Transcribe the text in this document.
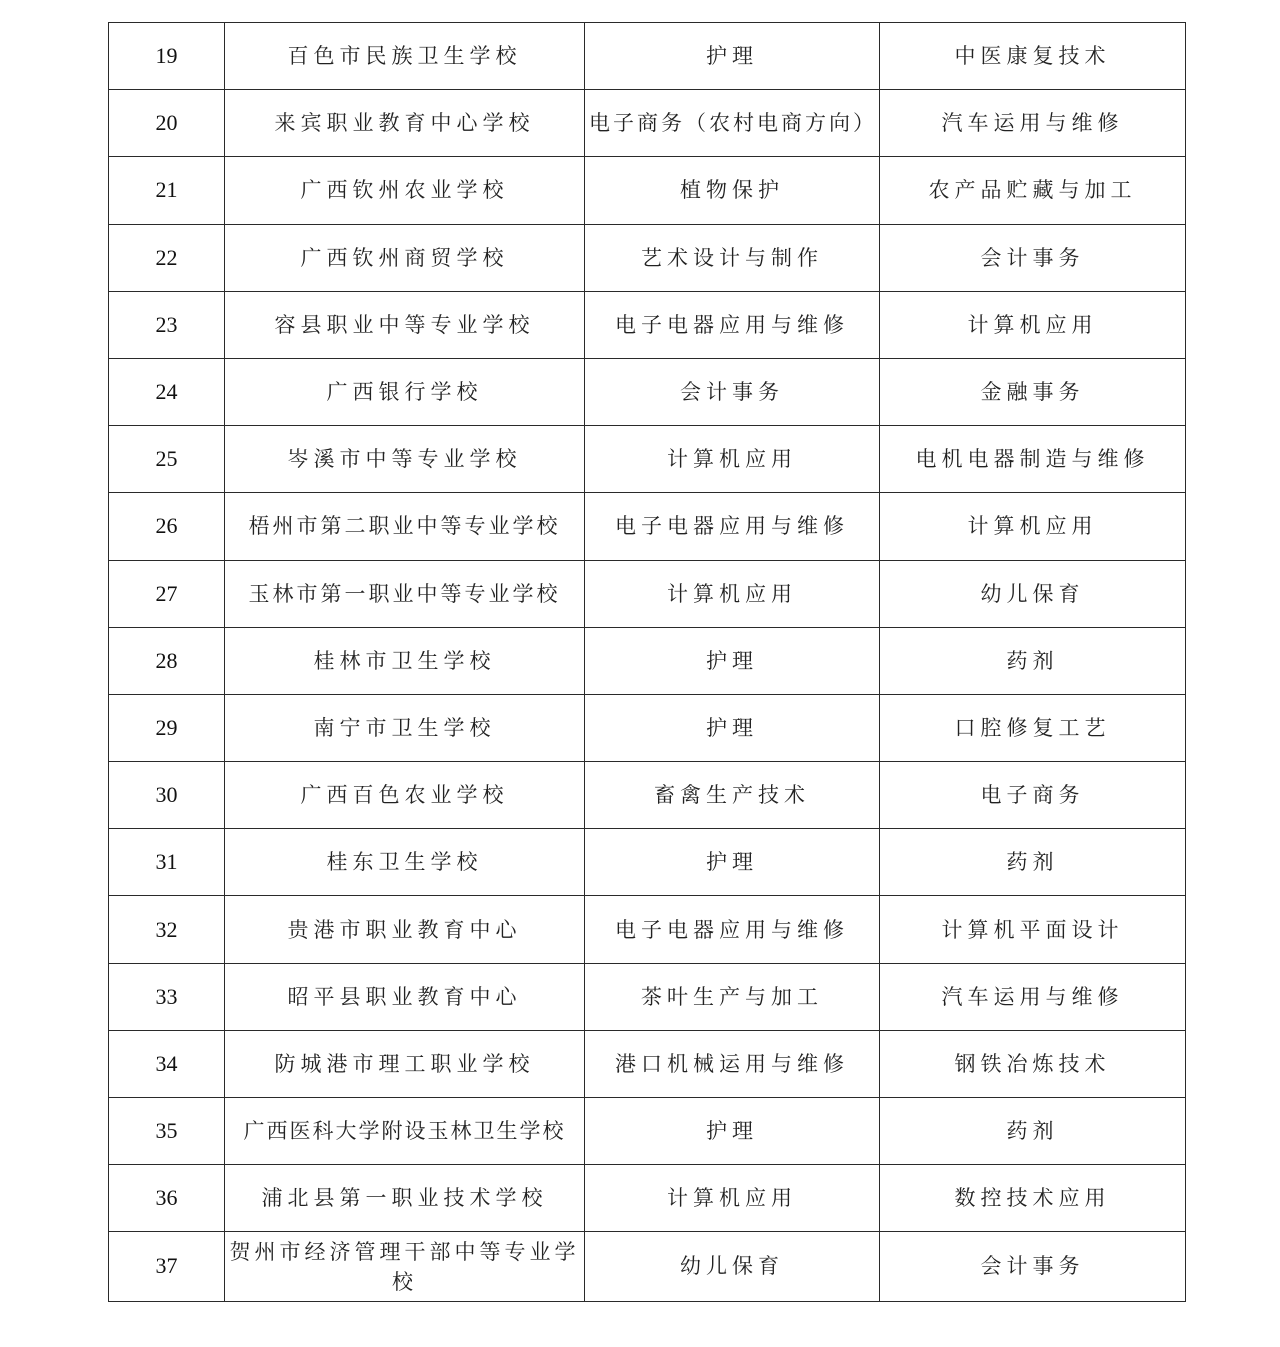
19	百色市民族卫生学校	护理	中医康复技术
20	来宾职业教育中心学校	电子商务（农村电商方向）	汽车运用与维修
21	广西钦州农业学校	植物保护	农产品贮藏与加工
22	广西钦州商贸学校	艺术设计与制作	会计事务
23	容县职业中等专业学校	电子电器应用与维修	计算机应用
24	广西银行学校	会计事务	金融事务
25	岑溪市中等专业学校	计算机应用	电机电器制造与维修
26	梧州市第二职业中等专业学校	电子电器应用与维修	计算机应用
27	玉林市第一职业中等专业学校	计算机应用	幼儿保育
28	桂林市卫生学校	护理	药剂
29	南宁市卫生学校	护理	口腔修复工艺
30	广西百色农业学校	畜禽生产技术	电子商务
31	桂东卫生学校	护理	药剂
32	贵港市职业教育中心	电子电器应用与维修	计算机平面设计
33	昭平县职业教育中心	茶叶生产与加工	汽车运用与维修
34	防城港市理工职业学校	港口机械运用与维修	钢铁冶炼技术
35	广西医科大学附设玉林卫生学校	护理	药剂
36	浦北县第一职业技术学校	计算机应用	数控技术应用
37	贺州市经济管理干部中等专业学校	幼儿保育	会计事务
